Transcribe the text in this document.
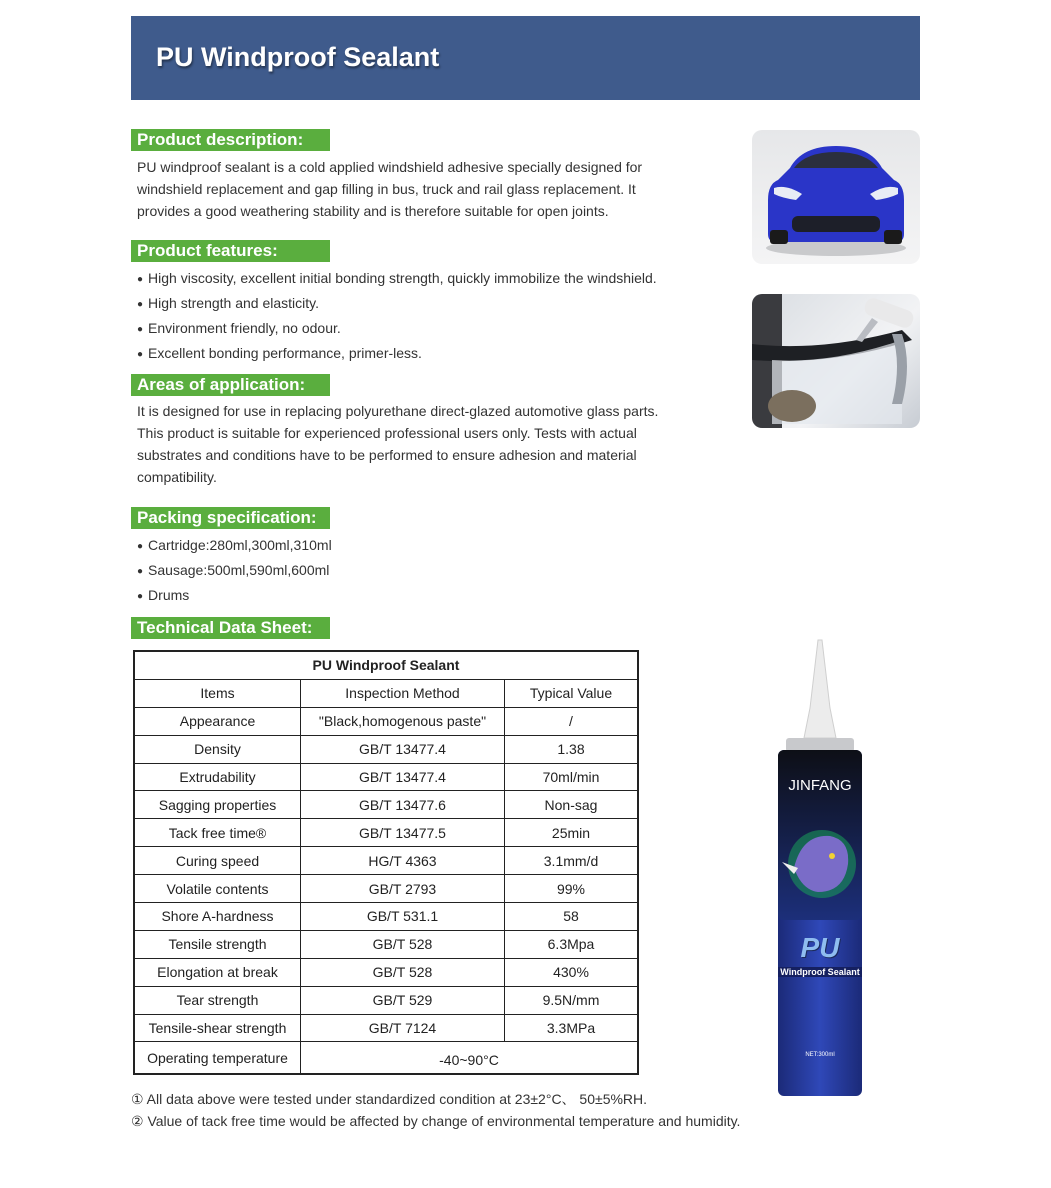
PU Windproof Sealant
Product description:
PU windproof sealant is a cold applied windshield adhesive specially designed for
windshield replacement and gap filling in bus, truck and rail glass replacement. It
provides a good weathering stability and is therefore suitable for open joints.
Product features:
● High viscosity, excellent initial bonding strength, quickly immobilize the windshield.
● High strength and elasticity.
● Environment friendly, no odour.
● Excellent bonding performance, primer-less.
Areas of application:
It is designed for use in replacing polyurethane direct-glazed automotive glass parts.
This product is suitable for experienced professional users only. Tests with actual
substrates and conditions have to be performed to ensure adhesion and material
compatibility.
Packing specification:
● Cartridge:280ml,300ml,310ml
● Sausage:500ml,590ml,600ml
● Drums
Technical Data Sheet:
PU Windproof Sealant		
Items	Inspection Method	Typical Value
Appearance	"Black,homogenous paste"	/
Density	GB/T 13477.4	1.38
Extrudability	GB/T 13477.4	70ml/min
Sagging properties	GB/T 13477.6	Non-sag
Tack free time®	GB/T 13477.5	25min
Curing speed	HG/T 4363	3.1mm/d
Volatile contents	GB/T 2793	99%
Shore A-hardness	GB/T 531.1	58
Tensile strength	GB/T 528	6.3Mpa
Elongation at break	GB/T 528	430%
Tear strength	GB/T 529	9.5N/mm
Tensile-shear strength	GB/T 7124	3.3MPa
Operating temperature	-40~90°C	
① All data above were tested under standardized condition at 23±2°C、 50±5%RH.
② Value of tack free time would be affected by change of environmental temperature and humidity.
JINFANG
PU
Windproof Sealant
NET:300ml
